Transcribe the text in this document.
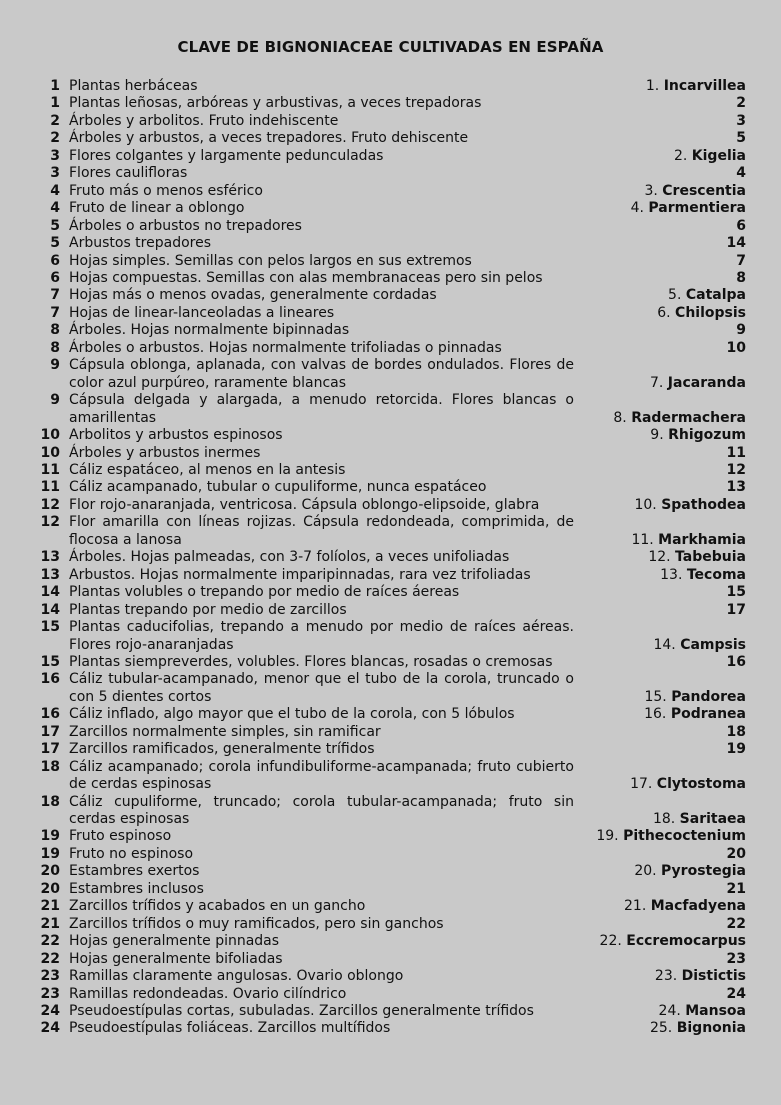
CLAVE DE BIGNONIACEAE CULTIVADAS EN ESPAÑA
1 Plantas herbáceas	1. Incarvillea
1 Plantas leñosas, arbóreas y arbustivas, a veces trepadoras	2
2 Árboles y arbolitos. Fruto indehiscente	3
2 Árboles y arbustos, a veces trepadores. Fruto dehiscente	5
3 Flores colgantes y largamente pedunculadas	2. Kigelia
3 Flores caulifloras	4
4 Fruto más o menos esférico	3. Crescentia
4 Fruto de linear a oblongo	4. Parmentiera
5 Árboles o arbustos no trepadores	6
5 Arbustos trepadores	14
6 Hojas simples. Semillas con pelos largos en sus extremos	7
6 Hojas compuestas. Semillas con alas membranaceas pero sin pelos	8
7 Hojas más o menos ovadas, generalmente cordadas	5. Catalpa
7 Hojas de linear-lanceoladas a lineares	6. Chilopsis
8 Árboles. Hojas normalmente bipinnadas	9
8 Árboles o arbustos. Hojas normalmente trifoliadas o pinnadas	10
9 Cápsula oblonga, aplanada, con valvas de bordes ondulados. Flores de color azul purpúreo, raramente blancas	7. Jacaranda
9 Cápsula delgada y alargada, a menudo retorcida. Flores blancas o amarillentas	8. Radermachera
10 Arbolitos y arbustos espinosos	9. Rhigozum
10 Árboles y arbustos inermes	11
11 Cáliz espatáceo, al menos en la antesis	12
11 Cáliz acampanado, tubular o cupuliforme, nunca espatáceo	13
12 Flor rojo-anaranjada, ventricosa. Cápsula oblongo-elipsoide, glabra	10. Spathodea
12 Flor amarilla con líneas rojizas. Cápsula redondeada, comprimida, de flocosa a lanosa	11. Markhamia
13 Árboles. Hojas palmeadas, con 3-7 folíolos, a veces unifoliadas	12. Tabebuia
13 Arbustos. Hojas normalmente imparipinnadas, rara vez trifoliadas	13. Tecoma
14 Plantas volubles o trepando por medio de raíces áereas	15
14 Plantas trepando por medio de zarcillos	17
15 Plantas caducifolias, trepando a menudo por medio de raíces aéreas. Flores rojo-anaranjadas	14. Campsis
15 Plantas siempreverdes, volubles. Flores blancas, rosadas o cremosas	16
16 Cáliz tubular-acampanado, menor que el tubo de la corola, truncado o con 5 dientes cortos	15. Pandorea
16 Cáliz inflado, algo mayor que el tubo de la corola, con 5 lóbulos	16. Podranea
17 Zarcillos normalmente simples, sin ramificar	18
17 Zarcillos ramificados, generalmente trífidos	19
18 Cáliz acampanado; corola infundibuliforme-acampanada; fruto cubierto de cerdas espinosas	17. Clytostoma
18 Cáliz cupuliforme, truncado; corola tubular-acampanada; fruto sin cerdas espinosas	18. Saritaea
19 Fruto espinoso	19. Pithecoctenium
19 Fruto no espinoso	20
20 Estambres exertos	20. Pyrostegia
20 Estambres inclusos	21
21 Zarcillos trífidos y acabados en un gancho	21. Macfadyena
21 Zarcillos trífidos o muy ramificados, pero sin ganchos	22
22 Hojas generalmente pinnadas	22. Eccremocarpus
22 Hojas generalmente bifoliadas	23
23 Ramillas claramente angulosas. Ovario oblongo	23. Distictis
23 Ramillas redondeadas. Ovario cilíndrico	24
24 Pseudoestípulas cortas, subuladas. Zarcillos generalmente trífidos	24. Mansoa
24 Pseudoestípulas foliáceas. Zarcillos multífidos	25. Bignonia
